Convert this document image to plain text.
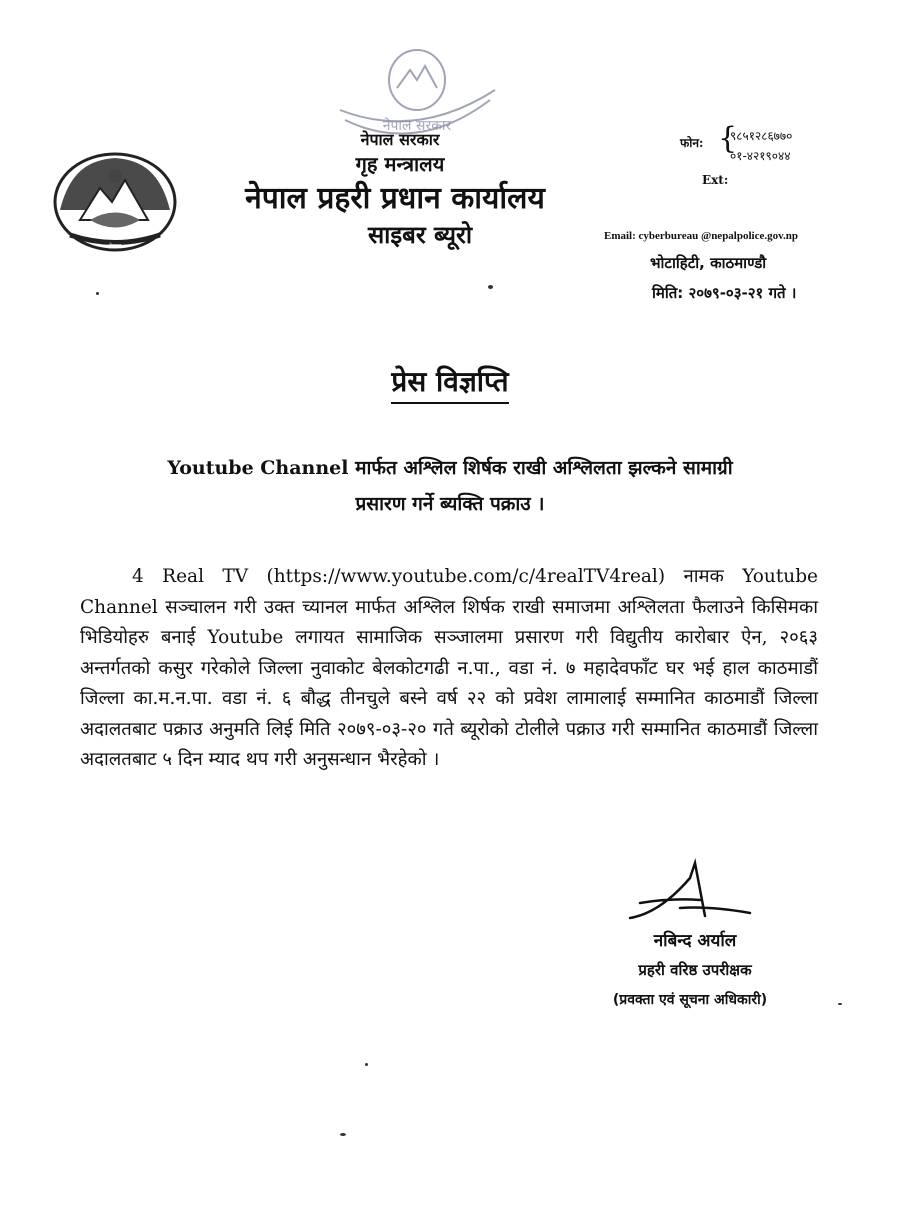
नेपाल
नेपाल सरकार
नेपाल सरकार
गृह मन्त्रालय
नेपाल प्रहरी प्रधान कार्यालय
साइबर ब्यूरो
फोन: {
९८५१२८६७७०
०१-४२१९०४४
Ext:
Email: cyberbureau @nepalpolice.gov.np
भोटाहिटी, काठमाण्डौ
मिति: २०७९-०३-२१ गते ।
प्रेस विज्ञप्ति
Youtube Channel मार्फत अश्लिल शिर्षक राखी अश्लिलता झल्कने सामाग्री
प्रसारण गर्ने ब्यक्ति पक्राउ ।

4 Real TV (https://www.youtube.com/c/4realTV4real) नामक Youtube Channel सञ्चालन गरी उक्त च्यानल मार्फत अश्लिल शिर्षक राखी समाजमा अश्लिलता फैलाउने किसिमका भिडियोहरु बनाई Youtube लगायत सामाजिक सञ्जालमा प्रसारण गरी विद्युतीय कारोबार ऐन, २०६३ अन्तर्गतको कसुर गरेकोले जिल्ला नुवाकोट बेलकोटगढी न.पा., वडा नं. ७ महादेवफाँट घर भई हाल काठमाडौं जिल्ला का.म.न.पा. वडा नं. ६ बौद्ध तीनचुले बस्ने वर्ष २२ को प्रवेश लामालाई सम्मानित काठमाडौं जिल्ला अदालतबाट पक्राउ अनुमति लिई मिति २०७९-०३-२० गते ब्यूरोको टोलीले पक्राउ गरी सम्मानित काठमाडौं जिल्ला अदालतबाट ५ दिन म्याद थप गरी अनुसन्धान भैरहेको ।

नबिन्द अर्याल
प्रहरी वरिष्ठ उपरीक्षक
(प्रवक्ता एवं सूचना अधिकारी)
